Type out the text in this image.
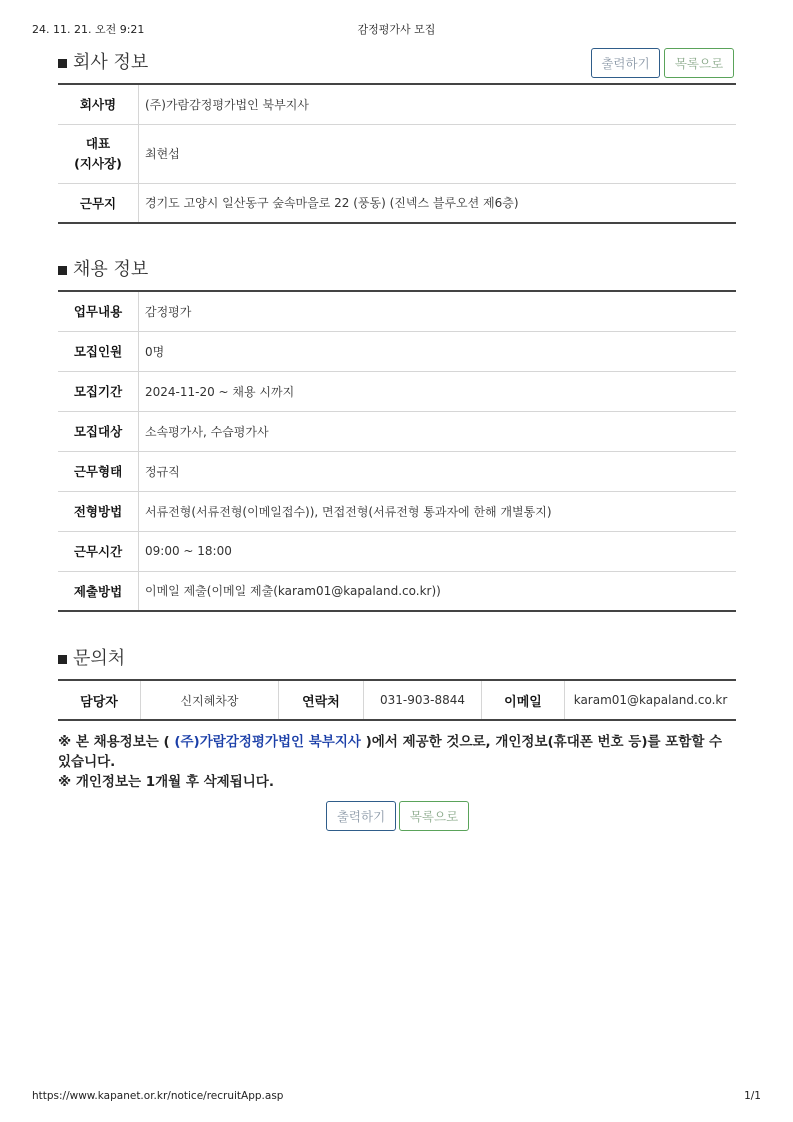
24. 11. 21. 오전 9:21	감정평가사 모집
회사 정보	출력하기	목록으로
회사명	(주)가람감정평가법인 북부지사
대표
(지사장)	최현섭
근무지	경기도 고양시 일산동구 숲속마을로 22 (풍동) (진넥스 블루오션 제6층)
채용 정보
업무내용	감정평가
모집인원	0명
모집기간	2024-11-20 ~ 채용 시까지
모집대상	소속평가사, 수습평가사
근무형태	정규직
전형방법	서류전형(서류전형(이메일접수)), 면접전형(서류전형 통과자에 한해 개별통지)
근무시간	09:00 ~ 18:00
제출방법	이메일 제출(이메일 제출(karam01@kapaland.co.kr))
문의처
담당자	신지혜차장	연락처	031-903-8844	이메일	karam01@kapaland.co.kr
※ 본 채용정보는 ( (주)가람감정평가법인 북부지사 )에서 제공한 것으로, 개인정보(휴대폰 번호 등)를 포함할 수 있습니다.
※ 개인정보는 1개월 후 삭제됩니다.
출력하기	목록으로
https://www.kapanet.or.kr/notice/recruitApp.asp	1/1
